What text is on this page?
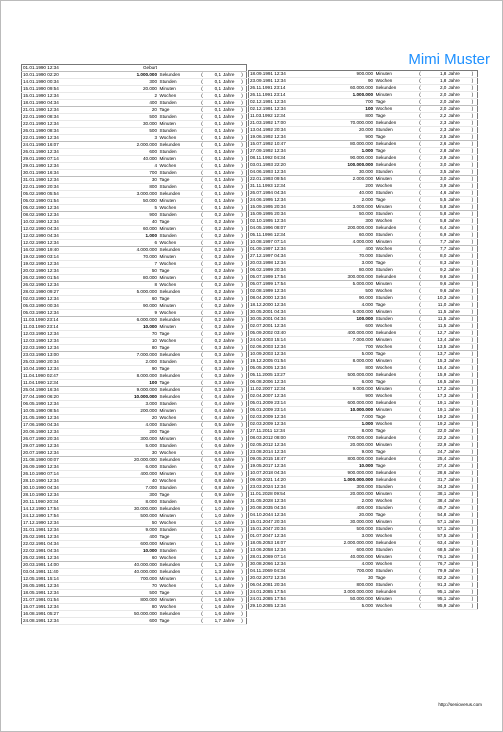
Mimi Muster
01.01.1990 12:34	Geburt					
10.01.1990 02:20	1.000.000	Sekunden	(	0,1	Jahre	)
14.01.1990 00:34	300	Stunden	(	0,1	Jahre	)
15.01.1990 09:54	20.000	Minuten	(	0,1	Jahre	)
15.01.1990 12:34	2	Wochen	(	0,1	Jahre	)
18.01.1990 04:34	400	Stunden	(	0,1	Jahre	)
21.01.1990 12:34	20	Tage	(	0,1	Jahre	)
22.01.1990 08:34	500	Stunden	(	0,1	Jahre	)
22.01.1990 12:34	30.000	Minuten	(	0,1	Jahre	)
26.01.1990 08:34	500	Stunden	(	0,1	Jahre	)
22.01.1990 12:34	3	Wochen	(	0,1	Jahre	)
24.01.1990 16:07	2.000.000	Sekunden	(	0,1	Jahre	)
26.01.1990 12:34	600	Stunden	(	0,1	Jahre	)
29.01.1990 07:14	40.000	Minuten	(	0,1	Jahre	)
29.01.1990 12:34	4	Wochen	(	0,1	Jahre	)
30.01.1990 16:34	700	Stunden	(	0,1	Jahre	)
31.01.1990 12:34	30	Tage	(	0,1	Jahre	)
22.01.1990 20:34	800	Stunden	(	0,1	Jahre	)
05.02.1990 05:54	3.000.000	Sekunden	(	0,1	Jahre	)
05.02.1990 01:54	50.000	Minuten	(	0,1	Jahre	)
05.02.1990 12:34	5	Wochen	(	0,1	Jahre	)
08.02.1990 12:34	900	Stunden	(	0,2	Jahre	)
10.02.1990 12:34	40	Tage	(	0,2	Jahre	)
12.02.1990 04:34	60.000	Minuten	(	0,2	Jahre	)
12.02.1990 04:34	1.000	Stunden	(	0,2	Jahre	)
12.02.1990 12:34	6	Wochen	(	0,2	Jahre	)
16.02.1990 19:40	4.000.000	Sekunden	(	0,2	Jahre	)
19.02.1990 03:14	70.000	Minuten	(	0,2	Jahre	)
19.02.1990 12:34	7	Wochen	(	0,2	Jahre	)
20.02.1990 12:34	50	Tage	(	0,2	Jahre	)
26.02.1990 01:54	80.000	Minuten	(	0,2	Jahre	)
26.02.1990 12:34	8	Wochen	(	0,2	Jahre	)
28.02.1990 09:27	5.000.000	Sekunden	(	0,2	Jahre	)
02.03.1990 12:34	60	Tage	(	0,2	Jahre	)
05.03.1990 00:34	90.000	Minuten	(	0,2	Jahre	)
05.03.1990 12:34	9	Wochen	(	0,2	Jahre	)
11.03.1990 23:14	6.000.000	Sekunden	(	0,2	Jahre	)
11.03.1990 23:14	10.000	Minuten	(	0,2	Jahre	)
12.03.1990 12:34	70	Tage	(	0,2	Jahre	)
12.03.1990 12:34	10	Wochen	(	0,2	Jahre	)
22.03.1990 12:34	80	Tage	(	0,3	Jahre	)
23.03.1990 13:00	7.000.000	Sekunden	(	0,3	Jahre	)
25.03.1990 20:34	2.000	Stunden	(	0,3	Jahre	)
10.04.1990 12:34	90	Tage	(	0,3	Jahre	)
11.04.1990 02:47	8.000.000	Sekunden	(	0,3	Jahre	)
11.04.1990 12:34	100	Tage	(	0,3	Jahre	)
25.04.1990 16:34	9.000.000	Sekunden	(	0,3	Jahre	)
27.04.1990 06:20	10.000.000	Sekunden	(	0,4	Jahre	)
06.05.1990 12:34	3.000	Stunden	(	0,4	Jahre	)
10.05.1990 08:54	200.000	Minuten	(	0,4	Jahre	)
21.05.1990 12:34	20	Wochen	(	0,4	Jahre	)
17.06.1990 04:34	4.000	Stunden	(	0,5	Jahre	)
20.06.1990 12:34	200	Tage	(	0,5	Jahre	)
26.07.1990 20:34	300.000	Minuten	(	0,6	Jahre	)
29.07.1990 12:34	5.000	Stunden	(	0,6	Jahre	)
20.07.1990 12:34	30	Wochen	(	0,6	Jahre	)
21.08.1990 00:07	20.000.000	Sekunden	(	0,6	Jahre	)
26.09.1990 12:34	6.000	Stunden	(	0,7	Jahre	)
26.10.1990 07:14	400.000	Minuten	(	0,8	Jahre	)
28.10.1990 12:34	40	Wochen	(	0,8	Jahre	)
30.10.1990 04:34	7.000	Stunden	(	0,8	Jahre	)
28.10.1990 12:34	300	Tage	(	0,9	Jahre	)
20.11.1990 20:34	8.000	Stunden	(	0,9	Jahre	)
14.12.1990 17:54	30.000.000	Sekunden	(	1,0	Jahre	)
24.12.1990 17:54	500.000	Minuten	(	1,0	Jahre	)
17.12.1990 12:34	50	Wochen	(	1,0	Jahre	)
31.01.1991 12:34	9.000	Stunden	(	1,0	Jahre	)
25.02.1991 12:34	400	Tage	(	1,1	Jahre	)
22.02.1991 04:34	600.000	Minuten	(	1,1	Jahre	)
22.02.1991 04:34	10.000	Stunden	(	1,2	Jahre	)
25.02.1991 12:34	60	Wochen	(	1,2	Jahre	)
20.03.1991 14:00	40.000.000	Sekunden	(	1,3	Jahre	)
03.04.1991 11:40	40.000.000	Sekunden	(	1,3	Jahre	)
12.05.1991 15:14	700.000	Minuten	(	1,4	Jahre	)
26.05.1991 12:34	70	Wochen	(	1,4	Jahre	)
18.05.1991 12:34	500	Tage	(	1,5	Jahre	)
21.07.1991 01:54	800.000	Minuten	(	1,6	Jahre	)
15.07.1991 12:34	80	Wochen	(	1,6	Jahre	)
16.08.1991 05:27	50.000.000	Sekunden	(	1,6	Jahre	)
24.08.1991 12:34	600	Tage	(	1,7	Jahre	)
18.09.1991 12:34	900.000	Minuten	(	1,8	Jahre	)
23.09.1991 12:34	90	Wochen	(	1,8	Jahre	)
26.11.1991 23:14	60.000.000	Sekunden	(	2,0	Jahre	)
26.11.1991 23:14	1.000.000	Minuten	(	2,0	Jahre	)
02.12.1991 12:34	700	Tage	(	2,0	Jahre	)
02.12.1991 12:34	100	Wochen	(	2,0	Jahre	)
11.03.1992 12:34	800	Tage	(	2,2	Jahre	)
21.03.1992 17:00	70.000.000	Sekunden	(	2,3	Jahre	)
13.04.1992 20:34	20.000	Stunden	(	2,3	Jahre	)
19.06.1992 12:34	900	Tage	(	2,5	Jahre	)
15.07.1992 10:47	80.000.000	Sekunden	(	2,6	Jahre	)
27.09.1992 12:34	1.000	Tage	(	2,8	Jahre	)
08.11.1992 04:34	90.000.000	Sekunden	(	2,9	Jahre	)
03.01.1993 22:20	100.000.000	Sekunden	(	3,0	Jahre	)
04.06.1993 12:34	30.000	Stunden	(	3,5	Jahre	)
22.01.1993 09:54	2.000.000	Minuten	(	3,0	Jahre	)
31.11.1993 12:34	200	Wochen	(	3,9	Jahre	)
26.07.1994 04:34	40.000	Stunden	(	4,6	Jahre	)
24.06.1995 12:34	2.000	Tage	(	5,5	Jahre	)
15.09.1995 20:34	3.000.000	Minuten	(	5,8	Jahre	)
15.09.1995 20:34	50.000	Stunden	(	5,8	Jahre	)
02.10.1995 12:34	300	Wochen	(	5,8	Jahre	)
04.05.1996 08:07	200.000.000	Sekunden	(	6,4	Jahre	)
05.11.1996 12:34	60.000	Stunden	(	6,9	Jahre	)
10.08.1997 07:14	4.000.000	Minuten	(	7,7	Jahre	)
01.09.1997 12:34	400	Wochen	(	7,7	Jahre	)
27.12.1997 04:34	70.000	Stunden	(	8,0	Jahre	)
20.03.1998 12:34	3.000	Tage	(	8,3	Jahre	)
06.02.1999 20:34	80.000	Stunden	(	9,2	Jahre	)
05.07.1999 17:54	300.000.000	Sekunden	(	9,6	Jahre	)
05.07.1999 17:54	5.000.000	Minuten	(	9,6	Jahre	)
02.08.1999 12:34	500	Wochen	(	9,6	Jahre	)
08.04.2000 12:34	90.000	Stunden	(	10,3	Jahre	)
18.12.2000 12:34	4.000	Tage	(	11,0	Jahre	)
30.05.2001 04:34	6.000.000	Minuten	(	11,5	Jahre	)
30.05.2001 04:34	100.000	Stunden	(	11,5	Jahre	)
02.07.2001 12:34	600	Wochen	(	11,5	Jahre	)
05.09.2002 03:40	400.000.000	Sekunden	(	12,7	Jahre	)
24.04.2003 15:14	7.000.000	Minuten	(	13,4	Jahre	)
02.06.2003 12:34	700	Wochen	(	13,5	Jahre	)
10.09.2003 12:34	5.000	Tage	(	13,7	Jahre	)
19.12.2005 01:54	8.000.000	Minuten	(	15,3	Jahre	)
05.05.2005 12:34	800	Wochen	(	15,4	Jahre	)
05.11.2005 13:27	500.000.000	Sekunden	(	15,9	Jahre	)
06.08.2006 12:34	6.000	Tage	(	16,5	Jahre	)
11.02.2007 12:34	9.000.000	Minuten	(	17,2	Jahre	)
02.04.2007 12:34	900	Wochen	(	17,3	Jahre	)
05.01.2009 23:14	600.000.000	Sekunden	(	19,1	Jahre	)
05.01.2009 23:14	10.000.000	Minuten	(	19,1	Jahre	)
02.03.2009 12:34	7.000	Tage	(	19,2	Jahre	)
02.03.2009 12:34	1.000	Wochen	(	19,2	Jahre	)
27.11.2011 12:34	8.000	Tage	(	22,0	Jahre	)
08.03.2012 08:00	700.000.000	Sekunden	(	22,2	Jahre	)
02.05.2012 12:34	20.000.000	Minuten	(	22,9	Jahre	)
23.08.2014 12:34	9.000	Tage	(	24,7	Jahre	)
09.05.2015 18:47	800.000.000	Sekunden	(	25,4	Jahre	)
19.05.2017 12:34	10.000	Tage	(	27,4	Jahre	)
10.07.2018 04:34	900.000.000	Sekunden	(	28,6	Jahre	)
09.09.2021 14:20	1.000.000.000	Sekunden	(	31,7	Jahre	)
23.03.2024 12:34	300.000	Stunden	(	34,3	Jahre	)
11.01.2028 09:54	20.000.000	Minuten	(	38,1	Jahre	)
31.05.2028 12:34	2.000	Wochen	(	38,4	Jahre	)
20.08.2035 04:34	400.000	Stunden	(	45,7	Jahre	)
04.10.2044 12:34	20.000	Tage	(	54,8	Jahre	)
15.01.2047 20:34	30.000.000	Minuten	(	57,1	Jahre	)
15.01.2047 20:34	500.000	Stunden	(	57,1	Jahre	)
01.07.2047 12:34	3.000	Wochen	(	57,5	Jahre	)
18.05.2053 16:07	2.000.000.000	Sekunden	(	63,4	Jahre	)
13.06.2058 12:34	600.000	Stunden	(	68,5	Jahre	)
28.01.2069 07:14	40.000.000	Minuten	(	76,1	Jahre	)
30.08.2066 12:34	4.000	Wochen	(	76,7	Jahre	)
04.11.2069 04:34	700.000	Stunden	(	79,9	Jahre	)
20.02.2072 12:34	30	Tage	(	82,2	Jahre	)
06.04.2081 20:34	800.000	Stunden	(	91,3	Jahre	)
24.01.2085 17:54	3.000.000.000	Sekunden	(	95,1	Jahre	)
24.01.2085 17:54	50.000.000	Minuten	(	95,1	Jahre	)
29.10.2085 12:34	5.000	Wochen	(	95,9	Jahre	)
http://senioverus.com
